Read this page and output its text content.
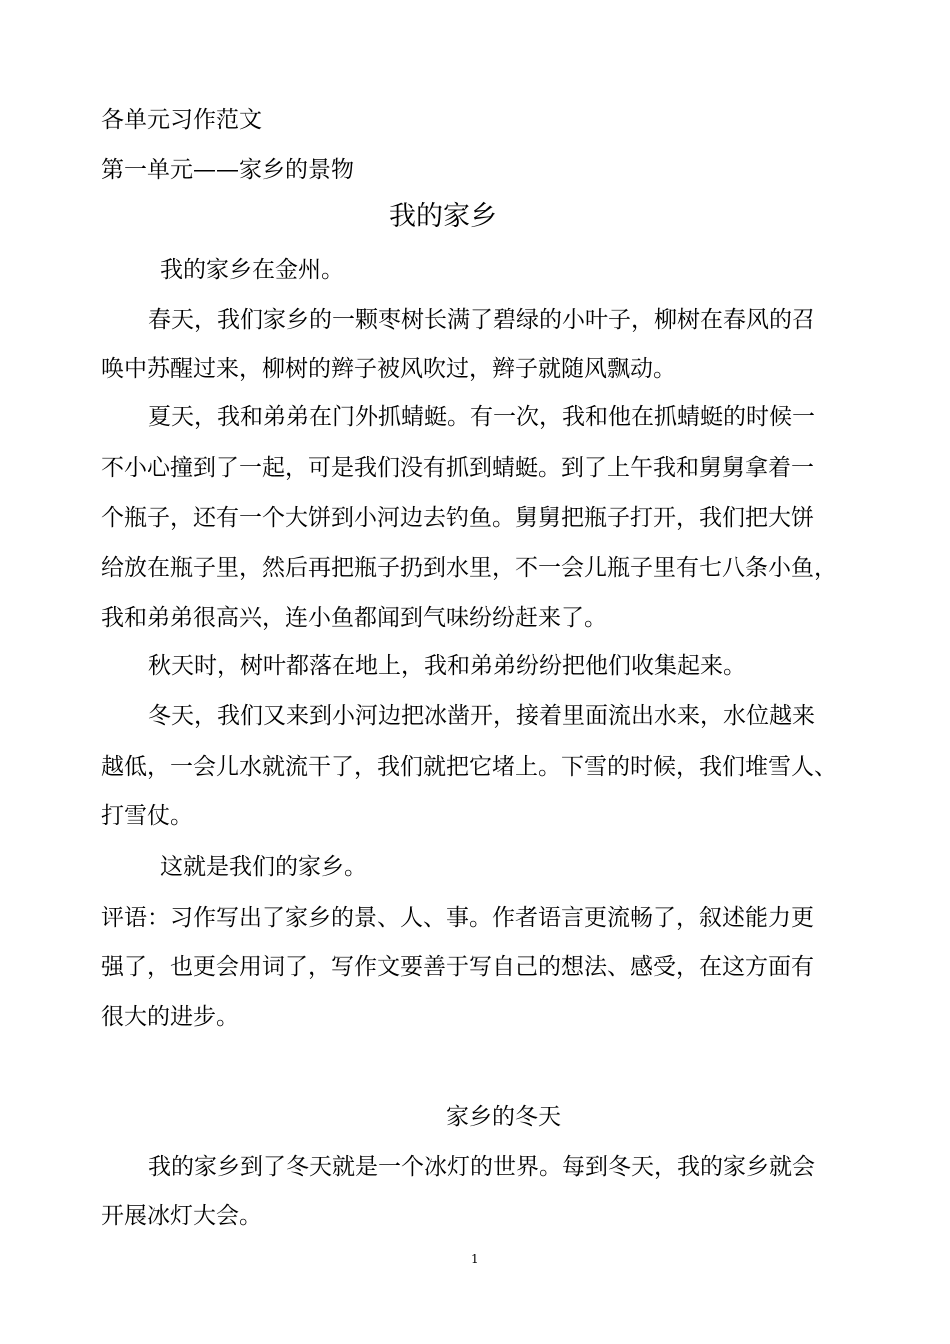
各单元习作范文

第一单元——家乡的景物

我的家乡

我的家乡在金州。

春天，我们家乡的一颗枣树长满了碧绿的小叶子，柳树在春风的召

唤中苏醒过来，柳树的辫子被风吹过，辫子就随风飘动。

夏天，我和弟弟在门外抓蜻蜓。有一次，我和他在抓蜻蜓的时候一

不小心撞到了一起，可是我们没有抓到蜻蜓。到了上午我和舅舅拿着一

个瓶子，还有一个大饼到小河边去钓鱼。舅舅把瓶子打开，我们把大饼

给放在瓶子里，然后再把瓶子扔到水里，不一会儿瓶子里有七八条小鱼，

我和弟弟很高兴，连小鱼都闻到气味纷纷赶来了。

秋天时，树叶都落在地上，我和弟弟纷纷把他们收集起来。

冬天，我们又来到小河边把冰凿开，接着里面流出水来，水位越来

越低，一会儿水就流干了，我们就把它堵上。下雪的时候，我们堆雪人、

打雪仗。

这就是我们的家乡。

评语：习作写出了家乡的景、人、事。作者语言更流畅了，叙述能力更

强了，也更会用词了，写作文要善于写自己的想法、感受，在这方面有

很大的进步。

家乡的冬天

我的家乡到了冬天就是一个冰灯的世界。每到冬天，我的家乡就会

开展冰灯大会。

1
